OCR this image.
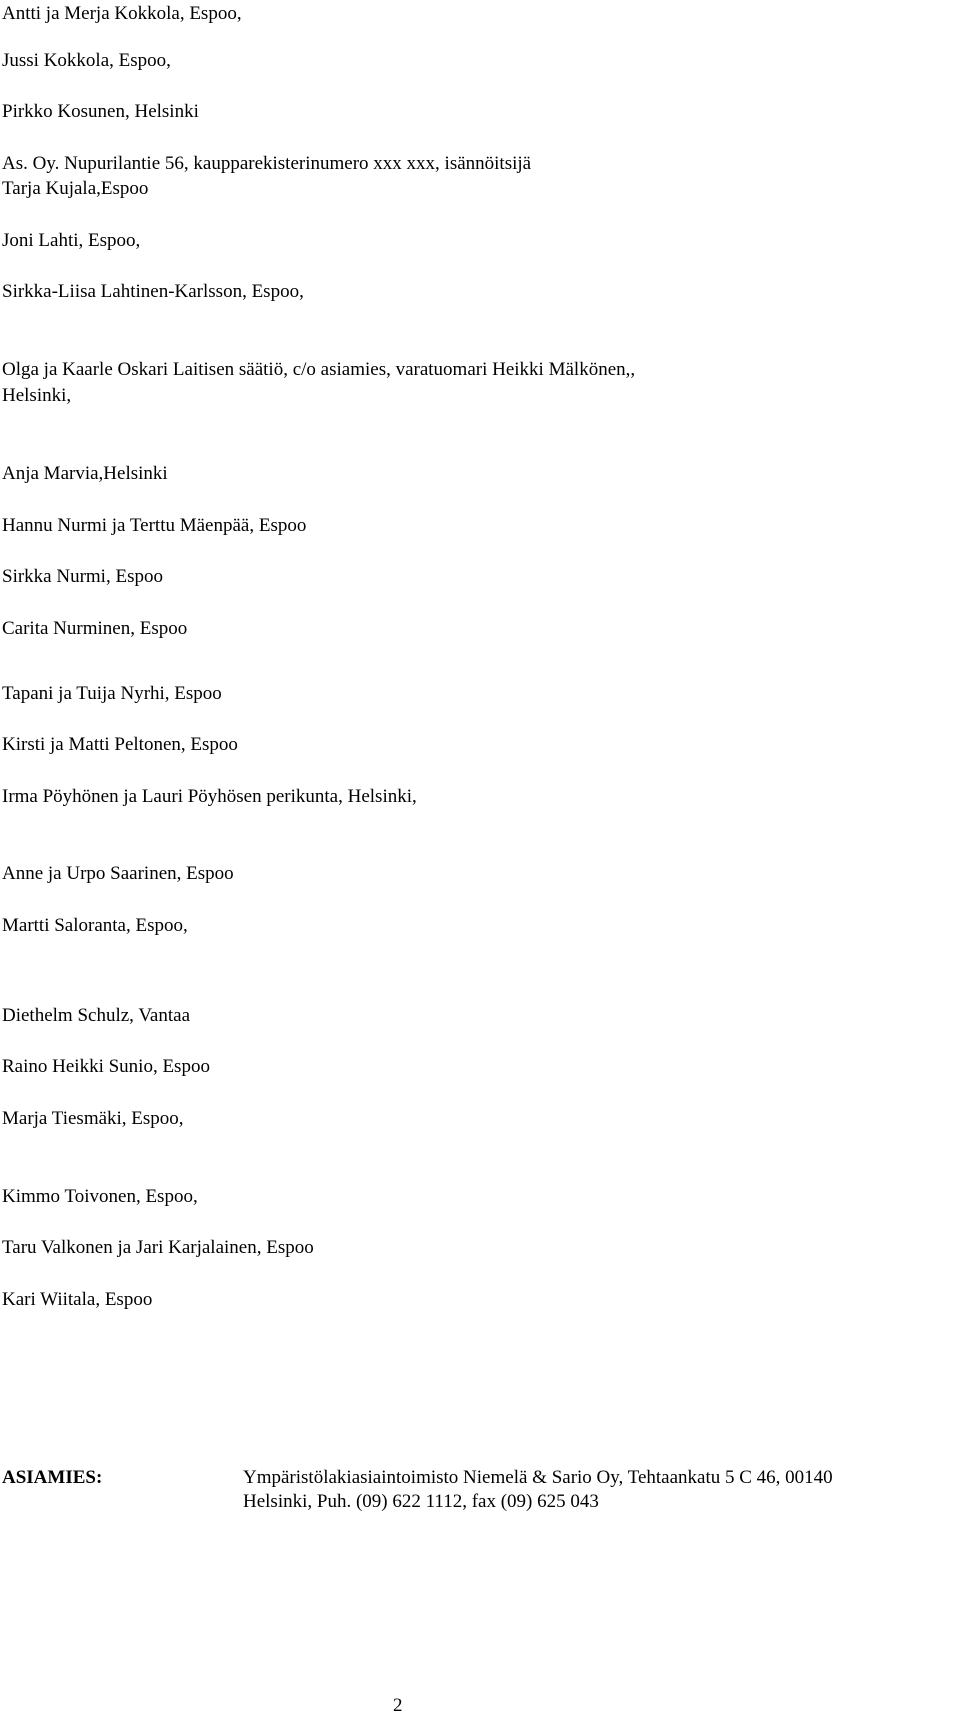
Antti ja Merja Kokkola, Espoo,
Jussi Kokkola, Espoo,
Pirkko Kosunen, Helsinki
As. Oy. Nupurilantie 56, kaupparekisterinumero xxx xxx, isännöitsijä
Tarja Kujala,Espoo
Joni Lahti, Espoo,
Sirkka-Liisa Lahtinen-Karlsson, Espoo,
Olga ja Kaarle Oskari Laitisen säätiö, c/o asiamies, varatuomari Heikki Mälkönen,,
Helsinki,
Anja Marvia,Helsinki
Hannu Nurmi ja Terttu Mäenpää, Espoo
Sirkka Nurmi, Espoo
Carita Nurminen, Espoo
Tapani ja Tuija Nyrhi, Espoo
Kirsti ja Matti Peltonen, Espoo
Irma Pöyhönen ja Lauri Pöyhösen perikunta, Helsinki,
Anne ja Urpo Saarinen, Espoo
Martti Saloranta, Espoo,
Diethelm Schulz, Vantaa
Raino Heikki Sunio, Espoo
Marja Tiesmäki, Espoo,
Kimmo Toivonen, Espoo,
Taru Valkonen ja Jari Karjalainen, Espoo
Kari Wiitala, Espoo
ASIAMIES:	Ympäristölakiasiaintoimisto Niemelä & Sario Oy, Tehtaankatu 5 C 46, 00140
Helsinki, Puh. (09) 622 1112, fax (09) 625 043
2
